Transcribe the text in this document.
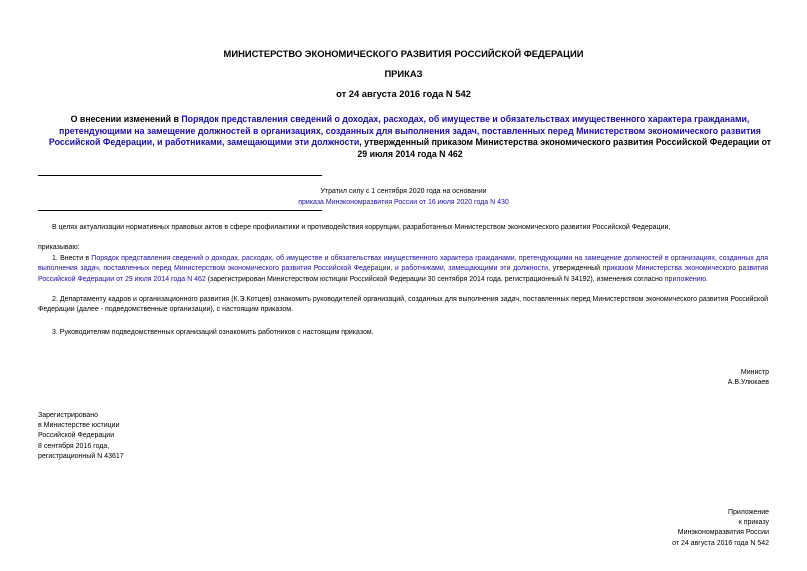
МИНИСТЕРСТВО ЭКОНОМИЧЕСКОГО РАЗВИТИЯ РОССИЙСКОЙ ФЕДЕРАЦИИ
ПРИКАЗ
от 24 августа 2016 года N 542
О внесении изменений в Порядок представления сведений о доходах, расходах, об имуществе и обязательствах имущественного характера гражданами, претендующими на замещение должностей в организациях, созданных для выполнения задач, поставленных перед Министерством экономического развития Российской Федерации, и работниками, замещающими эти должности, утвержденный приказом Министерства экономического развития Российской Федерации от 29 июля 2014 года N 462
Утратил силу с 1 сентября 2020 года на основании
приказа Минэкономразвития России от 16 июля 2020 года N 430
В целях актуализации нормативных правовых актов в сфере профилактики и противодействия коррупции, разработанных Министерством экономического развития Российской Федерации,
приказываю:
1. Внести в Порядок представления сведений о доходах, расходах, об имуществе и обязательствах имущественного характера гражданами, претендующими на замещение должностей в организациях, созданных для выполнения задач, поставленных перед Министерством экономического развития Российской Федерации, и работниками, замещающими эти должности, утвержденный приказом Министерства экономического развития Российской Федерации от 29 июля 2014 года N 462 (зарегистрирован Министерством юстиции Российской Федерации 30 сентября 2014 года, регистрационный N 34192), изменения согласно приложению.
2. Департаменту кадров и организационного развития (К.Э.Котцев) ознакомить руководителей организаций, созданных для выполнения задач, поставленных перед Министерством экономического развития Российской Федерации (далее - подведомственные организации), с настоящим приказом.
3. Руководителям подведомственных организаций ознакомить работников с настоящим приказом.
Министр
А.В.Улюкаев
Зарегистрировано
в Министерстве юстиции
Российской Федерации
8 сентября 2016 года,
регистрационный N 43617
Приложение
к приказу
Минэкономразвития России
от 24 августа 2016 года N 542
